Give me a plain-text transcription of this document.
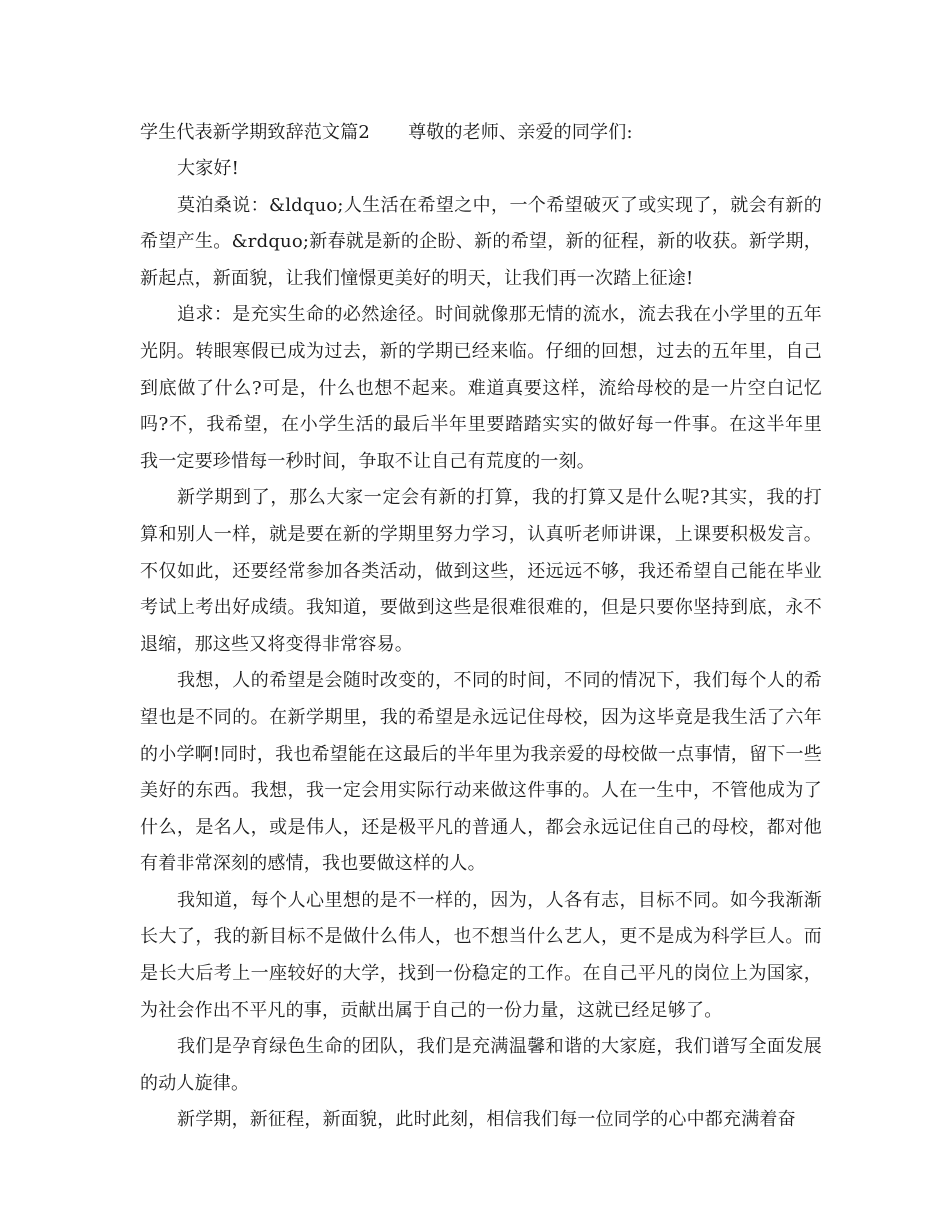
学生代表新学期致辞范文篇2 尊敬的老师、亲爱的同学们:

大家好!

莫泊桑说：&ldquo;人生活在希望之中，一个希望破灭了或实现了，就会有新的希望产生。&rdquo;新春就是新的企盼、新的希望，新的征程，新的收获。新学期，新起点，新面貌，让我们憧憬更美好的明天，让我们再一次踏上征途!

追求：是充实生命的必然途径。时间就像那无情的流水，流去我在小学里的五年光阴。转眼寒假已成为过去，新的学期已经来临。仔细的回想，过去的五年里，自己到底做了什么?可是，什么也想不起来。难道真要这样，流给母校的是一片空白记忆吗?不，我希望，在小学生活的最后半年里要踏踏实实的做好每一件事。在这半年里我一定要珍惜每一秒时间，争取不让自己有荒度的一刻。

新学期到了，那么大家一定会有新的打算，我的打算又是什么呢?其实，我的打算和别人一样，就是要在新的学期里努力学习，认真听老师讲课，上课要积极发言。不仅如此，还要经常参加各类活动，做到这些，还远远不够，我还希望自己能在毕业考试上考出好成绩。我知道，要做到这些是很难很难的，但是只要你坚持到底，永不退缩，那这些又将变得非常容易。

我想，人的希望是会随时改变的，不同的时间，不同的情况下，我们每个人的希望也是不同的。在新学期里，我的希望是永远记住母校，因为这毕竟是我生活了六年的小学啊!同时，我也希望能在这最后的半年里为我亲爱的母校做一点事情，留下一些美好的东西。我想，我一定会用实际行动来做这件事的。人在一生中，不管他成为了什么，是名人，或是伟人，还是极平凡的普通人，都会永远记住自己的母校，都对他有着非常深刻的感情，我也要做这样的人。

我知道，每个人心里想的是不一样的，因为，人各有志，目标不同。如今我渐渐长大了，我的新目标不是做什么伟人，也不想当什么艺人，更不是成为科学巨人。而是长大后考上一座较好的大学，找到一份稳定的工作。在自己平凡的岗位上为国家，为社会作出不平凡的事，贡献出属于自己的一份力量，这就已经足够了。

我们是孕育绿色生命的团队，我们是充满温馨和谐的大家庭，我们谱写全面发展的动人旋律。

新学期，新征程，新面貌，此时此刻，相信我们每一位同学的心中都充满着奋
